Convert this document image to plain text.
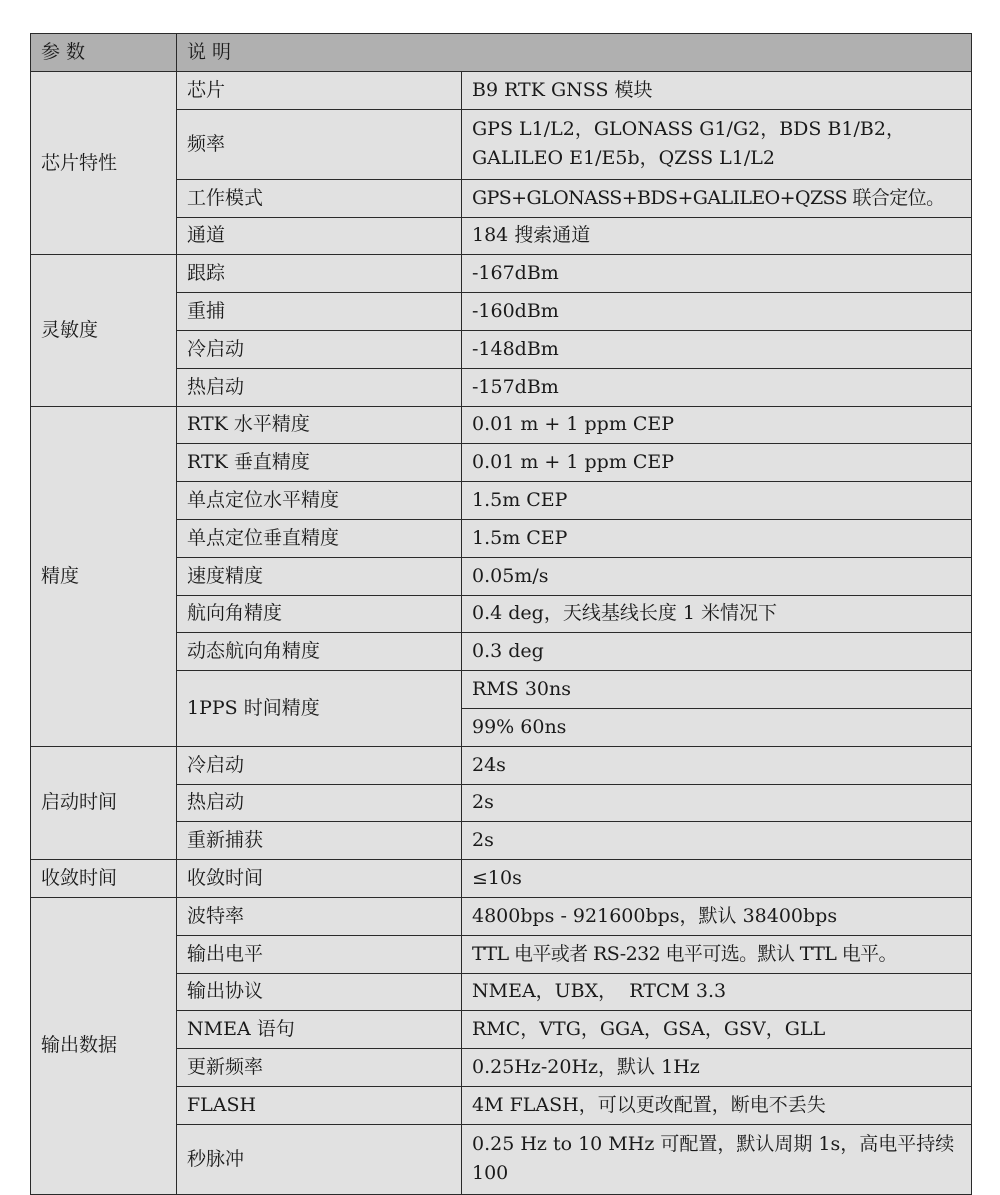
参 数	说 明	
芯片特性	芯片	B9 RTK GNSS 模块
	频率	GPS L1/L2，GLONASS G1/G2，BDS B1/B2，GALILEO E1/E5b，QZSS L1/L2
	工作模式	GPS+GLONASS+BDS+GALILEO+QZSS 联合定位。
	通道	184 搜索通道
灵敏度	跟踪	-167dBm
	重捕	-160dBm
	冷启动	-148dBm
	热启动	-157dBm
精度	RTK 水平精度	0.01 m + 1 ppm CEP
	RTK 垂直精度	0.01 m + 1 ppm CEP
	单点定位水平精度	1.5m CEP
	单点定位垂直精度	1.5m CEP
	速度精度	0.05m/s
	航向角精度	0.4 deg，天线基线长度 1 米情况下
	动态航向角精度	0.3 deg
	1PPS 时间精度	RMS 30ns
		99% 60ns
启动时间	冷启动	24s
	热启动	2s
	重新捕获	2s
收敛时间	收敛时间	≤10s
输出数据	波特率	4800bps - 921600bps，默认 38400bps
	输出电平	TTL 电平或者 RS-232 电平可选。默认 TTL 电平。
	输出协议	NMEA，UBX，  RTCM 3.3
	NMEA 语句	RMC，VTG，GGA，GSA，GSV，GLL
	更新频率	0.25Hz-20Hz，默认 1Hz
	FLASH	4M FLASH，可以更改配置，断电不丢失
	秒脉冲	0.25 Hz to 10 MHz 可配置，默认周期 1s，高电平持续 100
